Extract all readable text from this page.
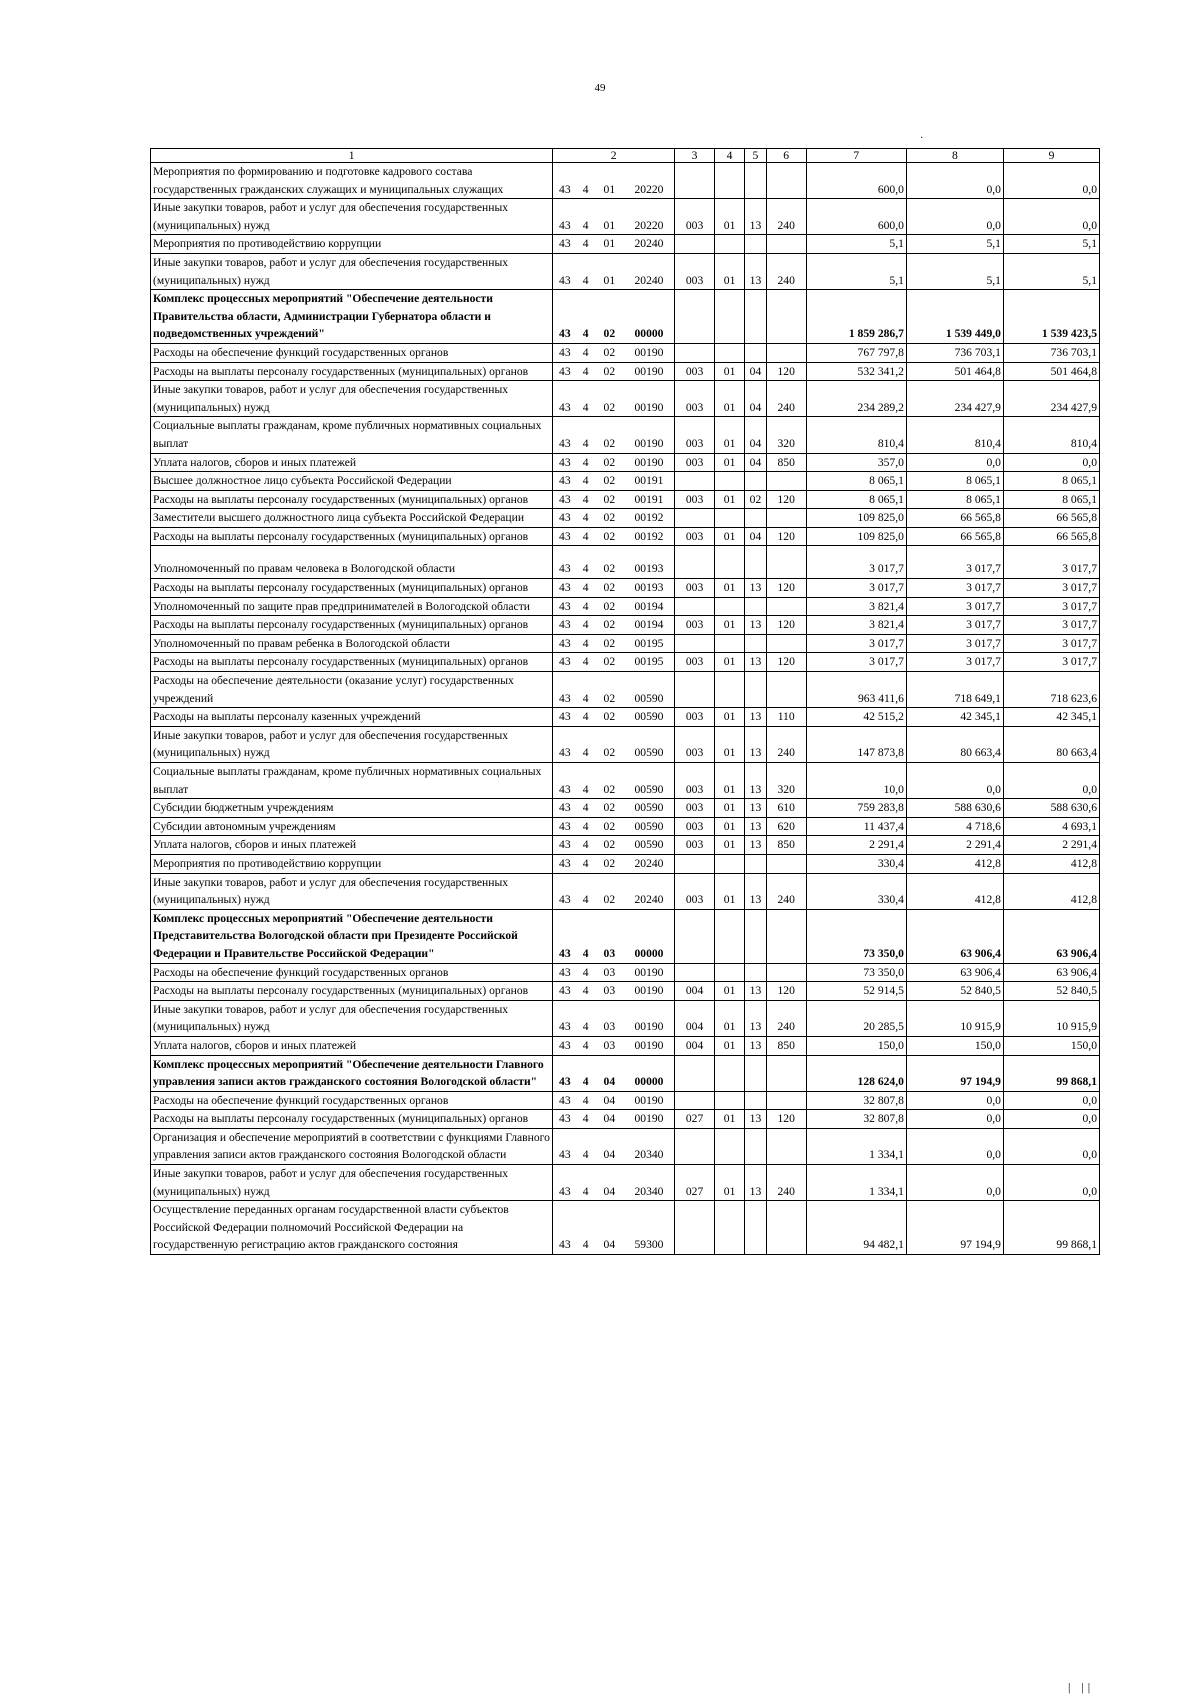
49
·
1	2				3	4	5	6	7	8	9
Мероприятия по формированию и подготовке кадрового состава государственных гражданских служащих и муниципальных служащих	43	4	01	20220					600,0	0,0	0,0
Иные закупки товаров, работ и услуг для обеспечения государственных (муниципальных) нужд	43	4	01	20220	003	01	13	240	600,0	0,0	0,0
Мероприятия по противодействию коррупции	43	4	01	20240					5,1	5,1	5,1
Иные закупки товаров, работ и услуг для обеспечения государственных (муниципальных) нужд	43	4	01	20240	003	01	13	240	5,1	5,1	5,1
Комплекс процессных мероприятий "Обеспечение деятельности Правительства области, Администрации Губернатора области и подведомственных учреждений"	43	4	02	00000					1 859 286,7	1 539 449,0	1 539 423,5
Расходы на обеспечение функций государственных органов	43	4	02	00190					767 797,8	736 703,1	736 703,1
Расходы на выплаты персоналу государственных (муниципальных) органов	43	4	02	00190	003	01	04	120	532 341,2	501 464,8	501 464,8
Иные закупки товаров, работ и услуг для обеспечения государственных (муниципальных) нужд	43	4	02	00190	003	01	04	240	234 289,2	234 427,9	234 427,9
Социальные выплаты гражданам, кроме публичных нормативных социальных выплат	43	4	02	00190	003	01	04	320	810,4	810,4	810,4
Уплата налогов, сборов и иных платежей	43	4	02	00190	003	01	04	850	357,0	0,0	0,0
Высшее должностное лицо субъекта Российской Федерации	43	4	02	00191					8 065,1	8 065,1	8 065,1
Расходы на выплаты персоналу государственных (муниципальных) органов	43	4	02	00191	003	01	02	120	8 065,1	8 065,1	8 065,1
Заместители высшего должностного лица субъекта Российской Федерации	43	4	02	00192					109 825,0	66 565,8	66 565,8
Расходы на выплаты персоналу государственных (муниципальных) органов	43	4	02	00192	003	01	04	120	109 825,0	66 565,8	66 565,8
Уполномоченный по правам человека в Вологодской области	43	4	02	00193					3 017,7	3 017,7	3 017,7
Расходы на выплаты персоналу государственных (муниципальных) органов	43	4	02	00193	003	01	13	120	3 017,7	3 017,7	3 017,7
Уполномоченный по защите прав предпринимателей в Вологодской области	43	4	02	00194					3 821,4	3 017,7	3 017,7
Расходы на выплаты персоналу государственных (муниципальных) органов	43	4	02	00194	003	01	13	120	3 821,4	3 017,7	3 017,7
Уполномоченный по правам ребенка в Вологодской области	43	4	02	00195					3 017,7	3 017,7	3 017,7
Расходы на выплаты персоналу государственных (муниципальных) органов	43	4	02	00195	003	01	13	120	3 017,7	3 017,7	3 017,7
Расходы на обеспечение деятельности (оказание услуг) государственных учреждений	43	4	02	00590					963 411,6	718 649,1	718 623,6
Расходы на выплаты персоналу казенных учреждений	43	4	02	00590	003	01	13	110	42 515,2	42 345,1	42 345,1
Иные закупки товаров, работ и услуг для обеспечения государственных (муниципальных) нужд	43	4	02	00590	003	01	13	240	147 873,8	80 663,4	80 663,4
Социальные выплаты гражданам, кроме публичных нормативных социальных выплат	43	4	02	00590	003	01	13	320	10,0	0,0	0,0
Субсидии бюджетным учреждениям	43	4	02	00590	003	01	13	610	759 283,8	588 630,6	588 630,6
Субсидии автономным учреждениям	43	4	02	00590	003	01	13	620	11 437,4	4 718,6	4 693,1
Уплата налогов, сборов и иных платежей	43	4	02	00590	003	01	13	850	2 291,4	2 291,4	2 291,4
Мероприятия по противодействию коррупции	43	4	02	20240					330,4	412,8	412,8
Иные закупки товаров, работ и услуг для обеспечения государственных (муниципальных) нужд	43	4	02	20240	003	01	13	240	330,4	412,8	412,8
Комплекс процессных мероприятий "Обеспечение деятельности Представительства Вологодской области при Президенте Российской Федерации и Правительстве Российской Федерации"	43	4	03	00000					73 350,0	63 906,4	63 906,4
Расходы на обеспечение функций государственных органов	43	4	03	00190					73 350,0	63 906,4	63 906,4
Расходы на выплаты персоналу государственных (муниципальных) органов	43	4	03	00190	004	01	13	120	52 914,5	52 840,5	52 840,5
Иные закупки товаров, работ и услуг для обеспечения государственных (муниципальных) нужд	43	4	03	00190	004	01	13	240	20 285,5	10 915,9	10 915,9
Уплата налогов, сборов и иных платежей	43	4	03	00190	004	01	13	850	150,0	150,0	150,0
Комплекс процессных мероприятий "Обеспечение деятельности Главного управления записи актов гражданского состояния Вологодской области"	43	4	04	00000					128 624,0	97 194,9	99 868,1
Расходы на обеспечение функций государственных органов	43	4	04	00190					32 807,8	0,0	0,0
Расходы на выплаты персоналу государственных (муниципальных) органов	43	4	04	00190	027	01	13	120	32 807,8	0,0	0,0
Организация и обеспечение мероприятий в соответствии с функциями Главного управления записи актов гражданского состояния Вологодской области	43	4	04	20340					1 334,1	0,0	0,0
Иные закупки товаров, работ и услуг для обеспечения государственных (муниципальных) нужд	43	4	04	20340	027	01	13	240	1 334,1	0,0	0,0
Осуществление переданных органам государственной власти субъектов Российской Федерации полномочий Российской Федерации на государственную регистрацию актов гражданского состояния	43	4	04	59300					94 482,1	97 194,9	99 868,1
| ||
